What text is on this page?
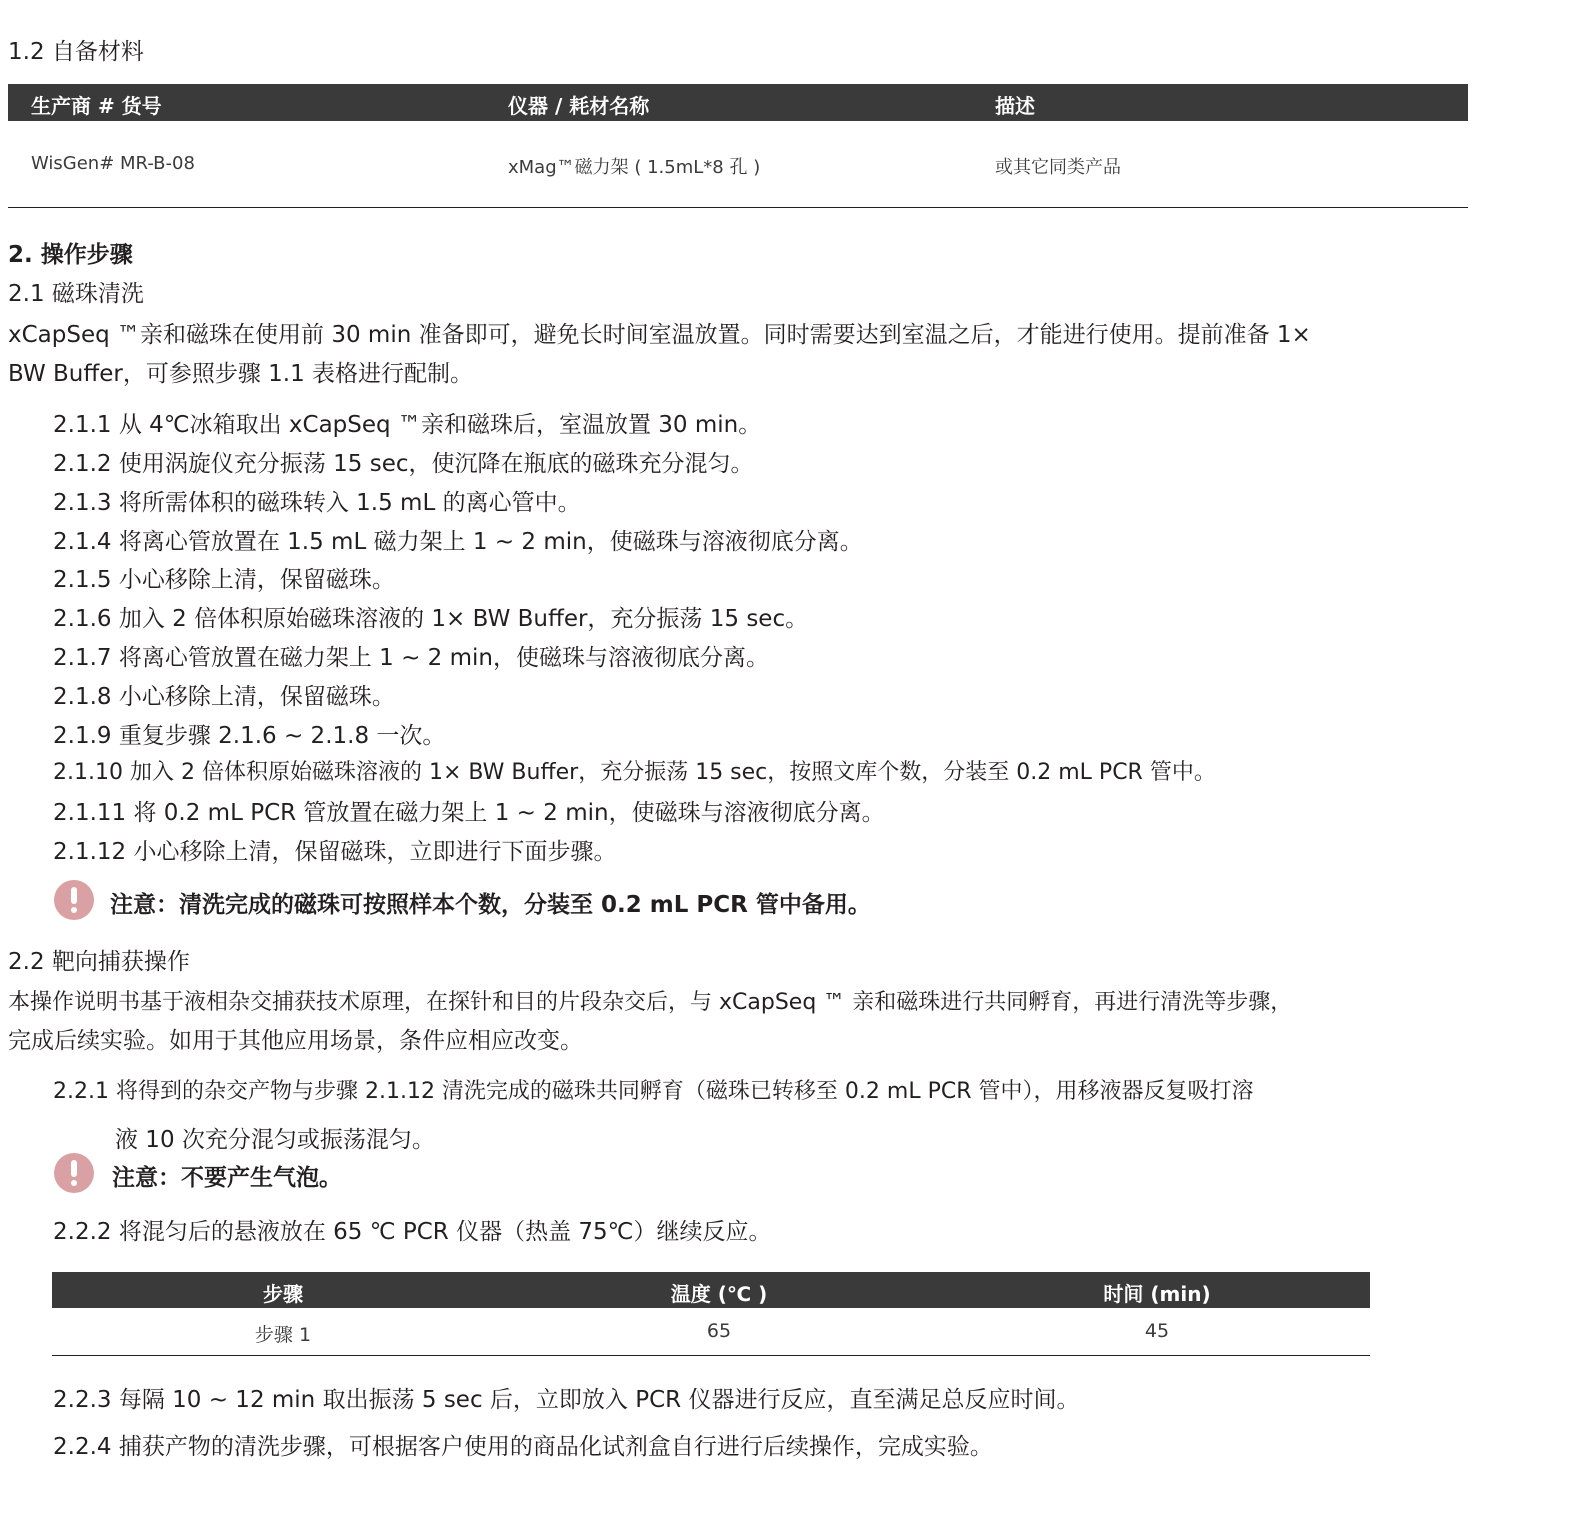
1.2 自备材料
生产商 # 货号	仪器 / 耗材名称	描述
WisGen# MR-B-08	xMag™磁力架 ( 1.5mL*8 孔 )	或其它同类产品
2. 操作步骤
2.1 磁珠清洗
xCapSeq ™亲和磁珠在使用前 30 min 准备即可，避免长时间室温放置。同时需要达到室温之后，才能进行使用。提前准备 1×
BW Buffer，可参照步骤 1.1 表格进行配制。
2.1.1 从 4℃冰箱取出 xCapSeq ™亲和磁珠后，室温放置 30 min。
2.1.2 使用涡旋仪充分振荡 15 sec，使沉降在瓶底的磁珠充分混匀。
2.1.3 将所需体积的磁珠转入 1.5 mL 的离心管中。
2.1.4 将离心管放置在 1.5 mL 磁力架上 1 ~ 2 min，使磁珠与溶液彻底分离。
2.1.5 小心移除上清，保留磁珠。
2.1.6 加入 2 倍体积原始磁珠溶液的 1× BW Buffer，充分振荡 15 sec。
2.1.7 将离心管放置在磁力架上 1 ~ 2 min，使磁珠与溶液彻底分离。
2.1.8 小心移除上清，保留磁珠。
2.1.9 重复步骤 2.1.6 ~ 2.1.8 一次。
2.1.10 加入 2 倍体积原始磁珠溶液的 1× BW Buffer，充分振荡 15 sec，按照文库个数，分装至 0.2 mL PCR 管中。
2.1.11 将 0.2 mL PCR 管放置在磁力架上 1 ~ 2 min，使磁珠与溶液彻底分离。
2.1.12 小心移除上清，保留磁珠，立即进行下面步骤。
注意：清洗完成的磁珠可按照样本个数，分装至 0.2 mL PCR 管中备用。
2.2 靶向捕获操作
本操作说明书基于液相杂交捕获技术原理，在探针和目的片段杂交后，与 xCapSeq ™ 亲和磁珠进行共同孵育，再进行清洗等步骤，
完成后续实验。如用于其他应用场景，条件应相应改变。
2.2.1 将得到的杂交产物与步骤 2.1.12 清洗完成的磁珠共同孵育（磁珠已转移至 0.2 mL PCR 管中），用移液器反复吸打溶
液 10 次充分混匀或振荡混匀。
注意：不要产生气泡。
2.2.2 将混匀后的悬液放在 65 ℃ PCR 仪器（热盖 75℃）继续反应。
步骤	温度 (℃ )	时间 (min)
步骤 1	65	45
2.2.3 每隔 10 ~ 12 min 取出振荡 5 sec 后，立即放入 PCR 仪器进行反应，直至满足总反应时间。
2.2.4 捕获产物的清洗步骤，可根据客户使用的商品化试剂盒自行进行后续操作，完成实验。
